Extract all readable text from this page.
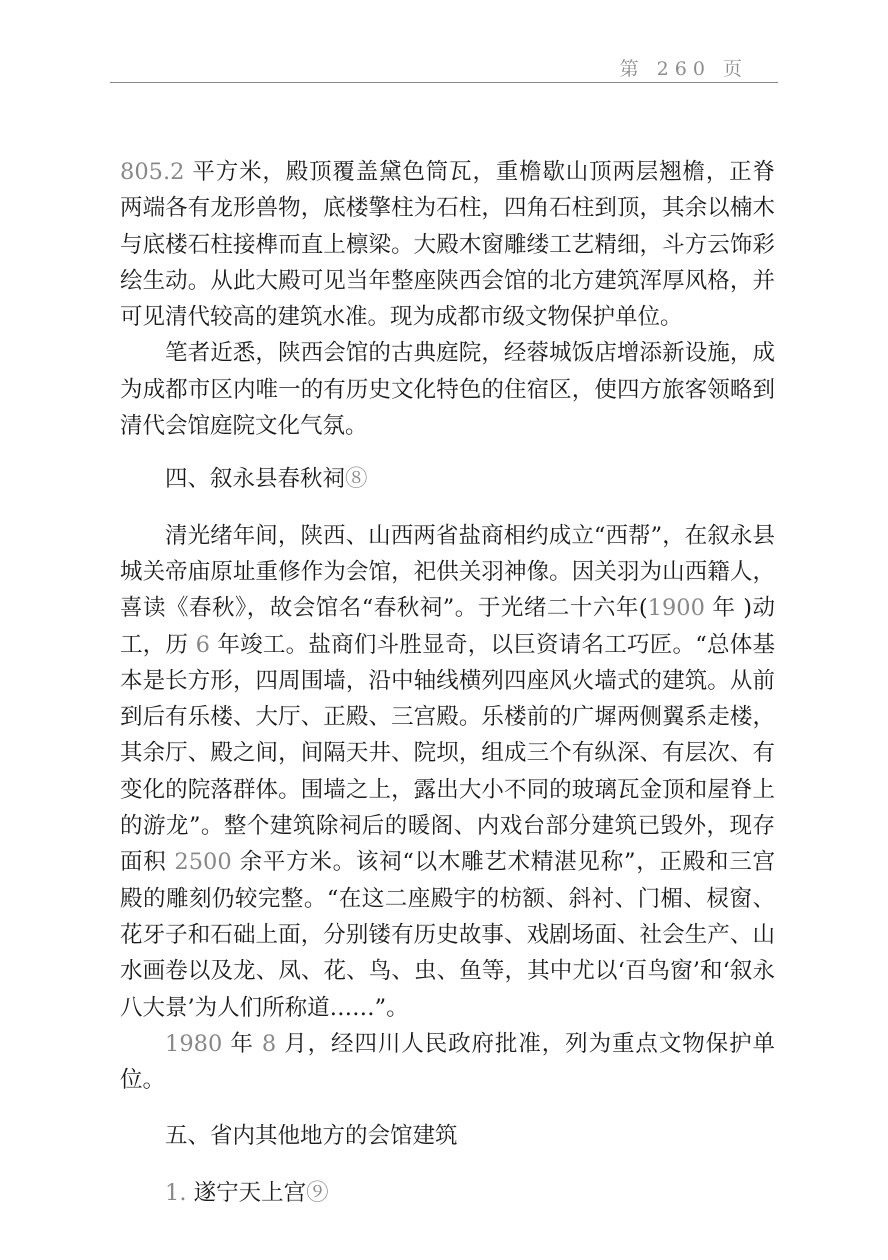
第 260 页

805.2 平方米，殿顶覆盖黛色筒瓦，重檐歇山顶两层翘檐，正脊两端各有龙形兽物，底楼擎柱为石柱，四角石柱到顶，其余以楠木与底楼石柱接榫而直上檩梁。大殿木窗雕缕工艺精细，斗方云饰彩绘生动。从此大殿可见当年整座陕西会馆的北方建筑浑厚风格，并可见清代较高的建筑水准。现为成都市级文物保护单位。

笔者近悉，陕西会馆的古典庭院，经蓉城饭店增添新设施，成为成都市区内唯一的有历史文化特色的住宿区，使四方旅客领略到清代会馆庭院文化气氛。

四、叙永县春秋祠⑧

清光绪年间，陕西、山西两省盐商相约成立“西帮”，在叙永县城关帝庙原址重修作为会馆，祀供关羽神像。因关羽为山西籍人，喜读《春秋》，故会馆名“春秋祠”。于光绪二十六年(1900 年 )动工，历 6 年竣工。盐商们斗胜显奇，以巨资请名工巧匠。“总体基本是长方形，四周围墙，沿中轴线横列四座风火墙式的建筑。从前到后有乐楼、大厅、正殿、三宫殿。乐楼前的广墀两侧翼系走楼，其余厅、殿之间，间隔天井、院坝，组成三个有纵深、有层次、有变化的院落群体。围墙之上，露出大小不同的玻璃瓦金顶和屋脊上的游龙”。整个建筑除祠后的暖阁、内戏台部分建筑已毁外，现存面积 2500 余平方米。该祠“以木雕艺术精湛见称”，正殿和三宫殿的雕刻仍较完整。“在这二座殿宇的枋额、斜衬、门楣、棂窗、花牙子和石础上面，分别镂有历史故事、戏剧场面、社会生产、山水画卷以及龙、凤、花、鸟、虫、鱼等，其中尤以‘百鸟窗’和‘叙永八大景’为人们所称道……”。

1980 年 8 月，经四川人民政府批准，列为重点文物保护单位。

五、省内其他地方的会馆建筑

1. 遂宁天上宫⑨
